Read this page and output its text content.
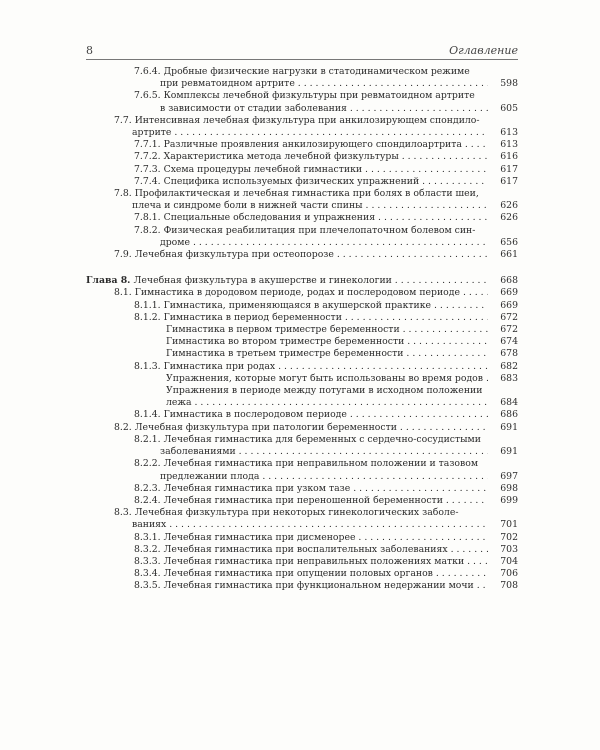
8	Оглавление
7.6.4. Дробные физические нагрузки в статодинамическом режиме
при ревматоидном артрите . . .	598
7.6.5. Комплексы лечебной физкультуры при ревматоидном артрите
в зависимости от стадии заболевания . . .	605
7.7. Интенсивная лечебная физкультура при анкилозирующем спондило-
артрите . . .	613
7.7.1. Различные проявления анкилозирующего спондилоартрита . . .	613
7.7.2. Характеристика метода лечебной физкультуры . . .	616
7.7.3. Схема процедуры лечебной гимнастики . . .	617
7.7.4. Специфика используемых физических упражнений . . .	617
7.8. Профилактическая и лечебная гимнастика при болях в области шеи,
плеча и синдроме боли в нижней части спины . . .	626
7.8.1. Специальные обследования и упражнения . . .	626
7.8.2. Физическая реабилитация при плечелопаточном болевом син-
дроме . . .	656
7.9. Лечебная физкультура при остеопорозе . . .	661
Глава 8. Лечебная физкультура в акушерстве и гинекологии . . .	668
8.1. Гимнастика в дородовом периоде, родах и послеродовом периоде . . .	669
8.1.1. Гимнастика, применяющаяся в акушерской практике . . .	669
8.1.2. Гимнастика в период беременности . . .	672
Гимнастика в первом триместре беременности . . .	672
Гимнастика во втором триместре беременности . . .	674
Гимнастика в третьем триместре беременности . . .	678
8.1.3. Гимнастика при родах . . .	682
Упражнения, которые могут быть использованы во время родов . . .	683
Упражнения в периоде между потугами в исходном положении
лежа . . .	684
8.1.4. Гимнастика в послеродовом периоде . . .	686
8.2. Лечебная физкультура при патологии беременности . . .	691
8.2.1. Лечебная гимнастика для беременных с сердечно-сосудистыми
заболеваниями . . .	691
8.2.2. Лечебная гимнастика при неправильном положении и тазовом
предлежании плода . . .	697
8.2.3. Лечебная гимнастика при узком тазе . . .	698
8.2.4. Лечебная гимнастика при переношенной беременности . . .	699
8.3. Лечебная физкультура при некоторых гинекологических заболе-
ваниях . . .	701
8.3.1. Лечебная гимнастика при дисменорее . . .	702
8.3.2. Лечебная гимнастика при воспалительных заболеваниях . . .	703
8.3.3. Лечебная гимнастика при неправильных положениях матки . . .	704
8.3.4. Лечебная гимнастика при опущении половых органов . . .	706
8.3.5. Лечебная гимнастика при функциональном недержании мочи . . .	708
